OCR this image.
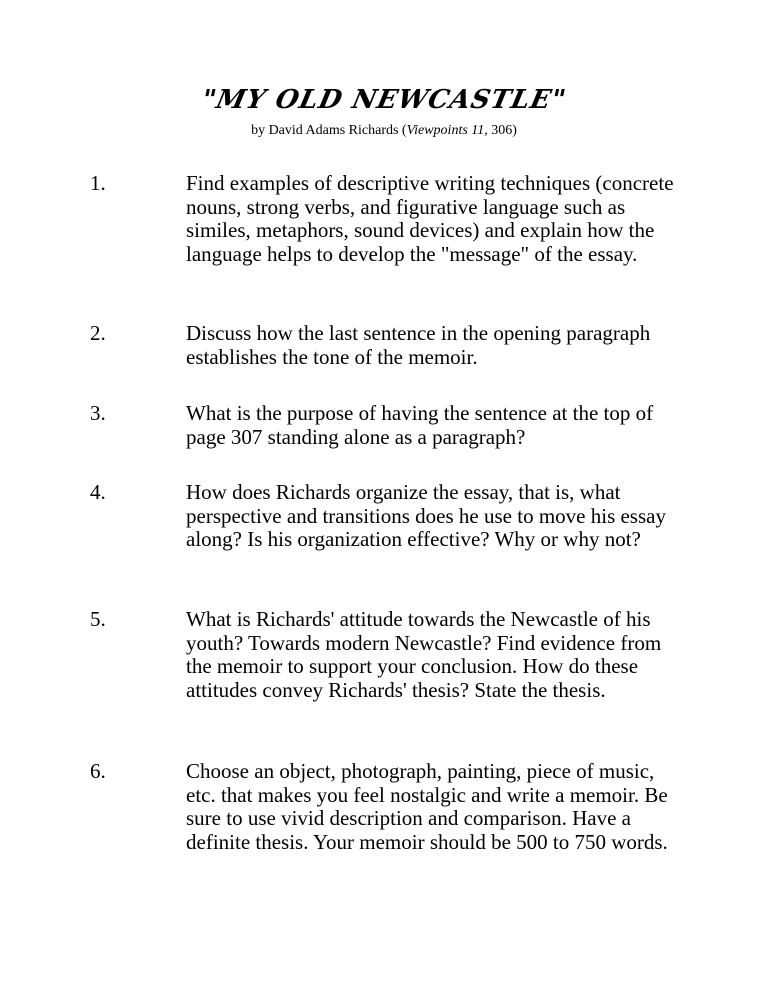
"MY OLD NEWCASTLE"
by David Adams Richards (Viewpoints 11, 306)
1.	Find examples of descriptive writing techniques (concrete nouns, strong verbs, and figurative language such as similes, metaphors, sound devices) and explain how the language helps to develop the "message" of the essay.
2.	Discuss how the last sentence in the opening paragraph establishes the tone of the memoir.
3.	What is the purpose of having the sentence at the top of page 307 standing alone as a paragraph?
4.	How does Richards organize the essay, that is, what perspective and transitions does he use to move his essay along? Is his organization effective? Why or why not?
5.	What is Richards' attitude towards the Newcastle of his youth? Towards modern Newcastle? Find evidence from the memoir to support your conclusion. How do these attitudes convey Richards' thesis? State the thesis.
6.	Choose an object, photograph, painting, piece of music, etc. that makes you feel nostalgic and write a memoir. Be sure to use vivid description and comparison. Have a definite thesis. Your memoir should be 500 to 750 words.
